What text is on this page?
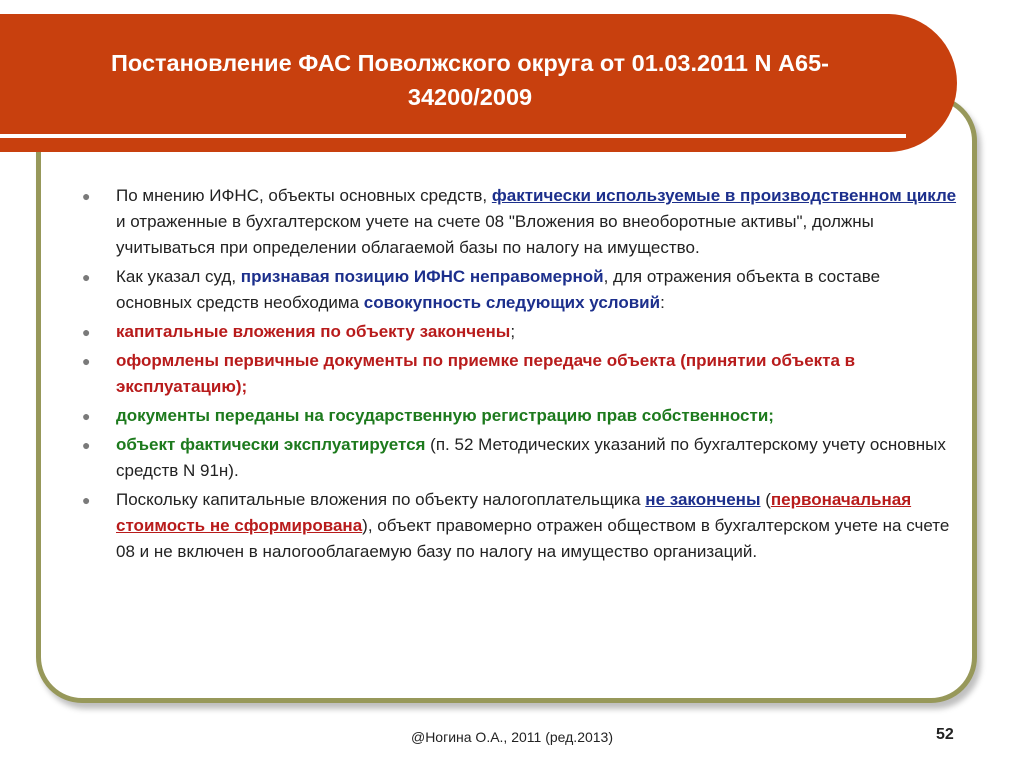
Постановление ФАС Поволжского округа от 01.03.2011 N А65-
34200/2009
● По мнению ИФНС, объекты основных средств, фактически используемые в производственном цикле и отраженные в бухгалтерском учете на счете 08 "Вложения во внеоборотные активы", должны учитываться при определении облагаемой базы по налогу на имущество.
● Как указал суд, признавая позицию ИФНС неправомерной, для отражения объекта в составе основных средств необходима совокупность следующих условий:
● капитальные вложения по объекту закончены;
● оформлены первичные документы по приемке передаче объекта (принятии объекта в эксплуатацию);
● документы переданы на государственную регистрацию прав собственности;
● объект фактически эксплуатируется (п. 52 Методических указаний по бухгалтерскому учету основных средств N 91н).
● Поскольку капитальные вложения по объекту налогоплательщика не закончены (первоначальная стоимость не сформирована), объект правомерно отражен обществом в бухгалтерском учете на счете 08 и не включен в налогооблагаемую базу по налогу на имущество организаций.
@Ногина О.А., 2011 (ред.2013)	52
